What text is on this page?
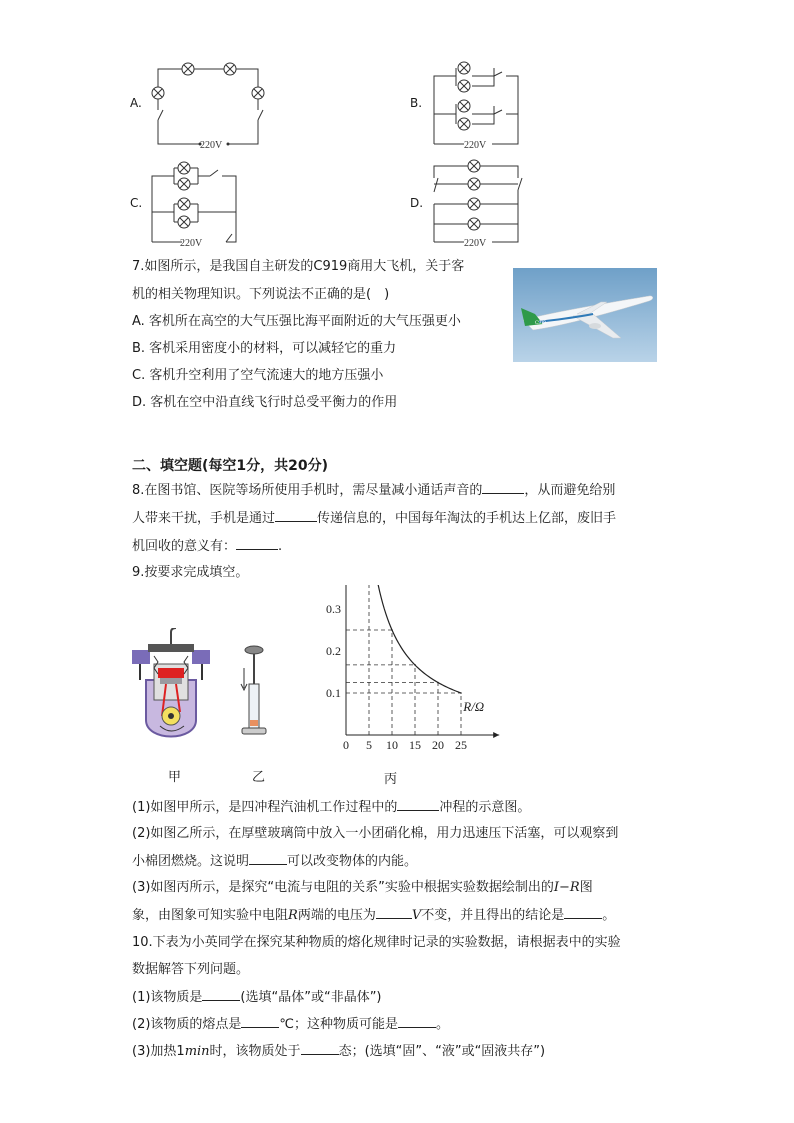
A.
220V
B.
220V
C.
220V
D.
220V
7.如图所示，是我国自主研发的C919商用大飞机，关于客
机的相关物理知识。下列说法不正确的是(　)
A. 客机所在高空的大气压强比海平面附近的大气压强更小
B. 客机采用密度小的材料，可以减轻它的重力
C. 客机升空利用了空气流速大的地方压强小
D. 客机在空中沿直线飞行时总受平衡力的作用
C919
二、填空题(每空1分，共20分)
8.在图书馆、医院等场所使用手机时，需尽量减小通话声音的	，从而避免给别
人带来干扰，手机是通过	传递信息的，中国每年淘汰的手机达上亿部，废旧手
机回收的意义有：	.
9.按要求完成填空。
R/Ω
0 5 10 15 20 25
0.1
0.2
0.3
甲	乙	丙
(1)如图甲所示，是四冲程汽油机工作过程中的	冲程的示意图。
(2)如图乙所示，在厚壁玻璃筒中放入一小团硝化棉，用力迅速压下活塞，可以观察到
小棉团燃烧。这说明	可以改变物体的内能。
(3)如图丙所示，是探究“电流与电阻的关系”实验中根据实验数据绘制出的I−R图
象，由图象可知实验中电阻R两端的电压为	V不变，并且得出的结论是	。
10.下表为小英同学在探究某种物质的熔化规律时记录的实验数据，请根据表中的实验
数据解答下列问题。
(1)该物质是	(选填“晶体”或“非晶体”)
(2)该物质的熔点是	℃；这种物质可能是	。
(3)加热1min时，该物质处于	态；(选填“固”、“液”或“固液共存”)
